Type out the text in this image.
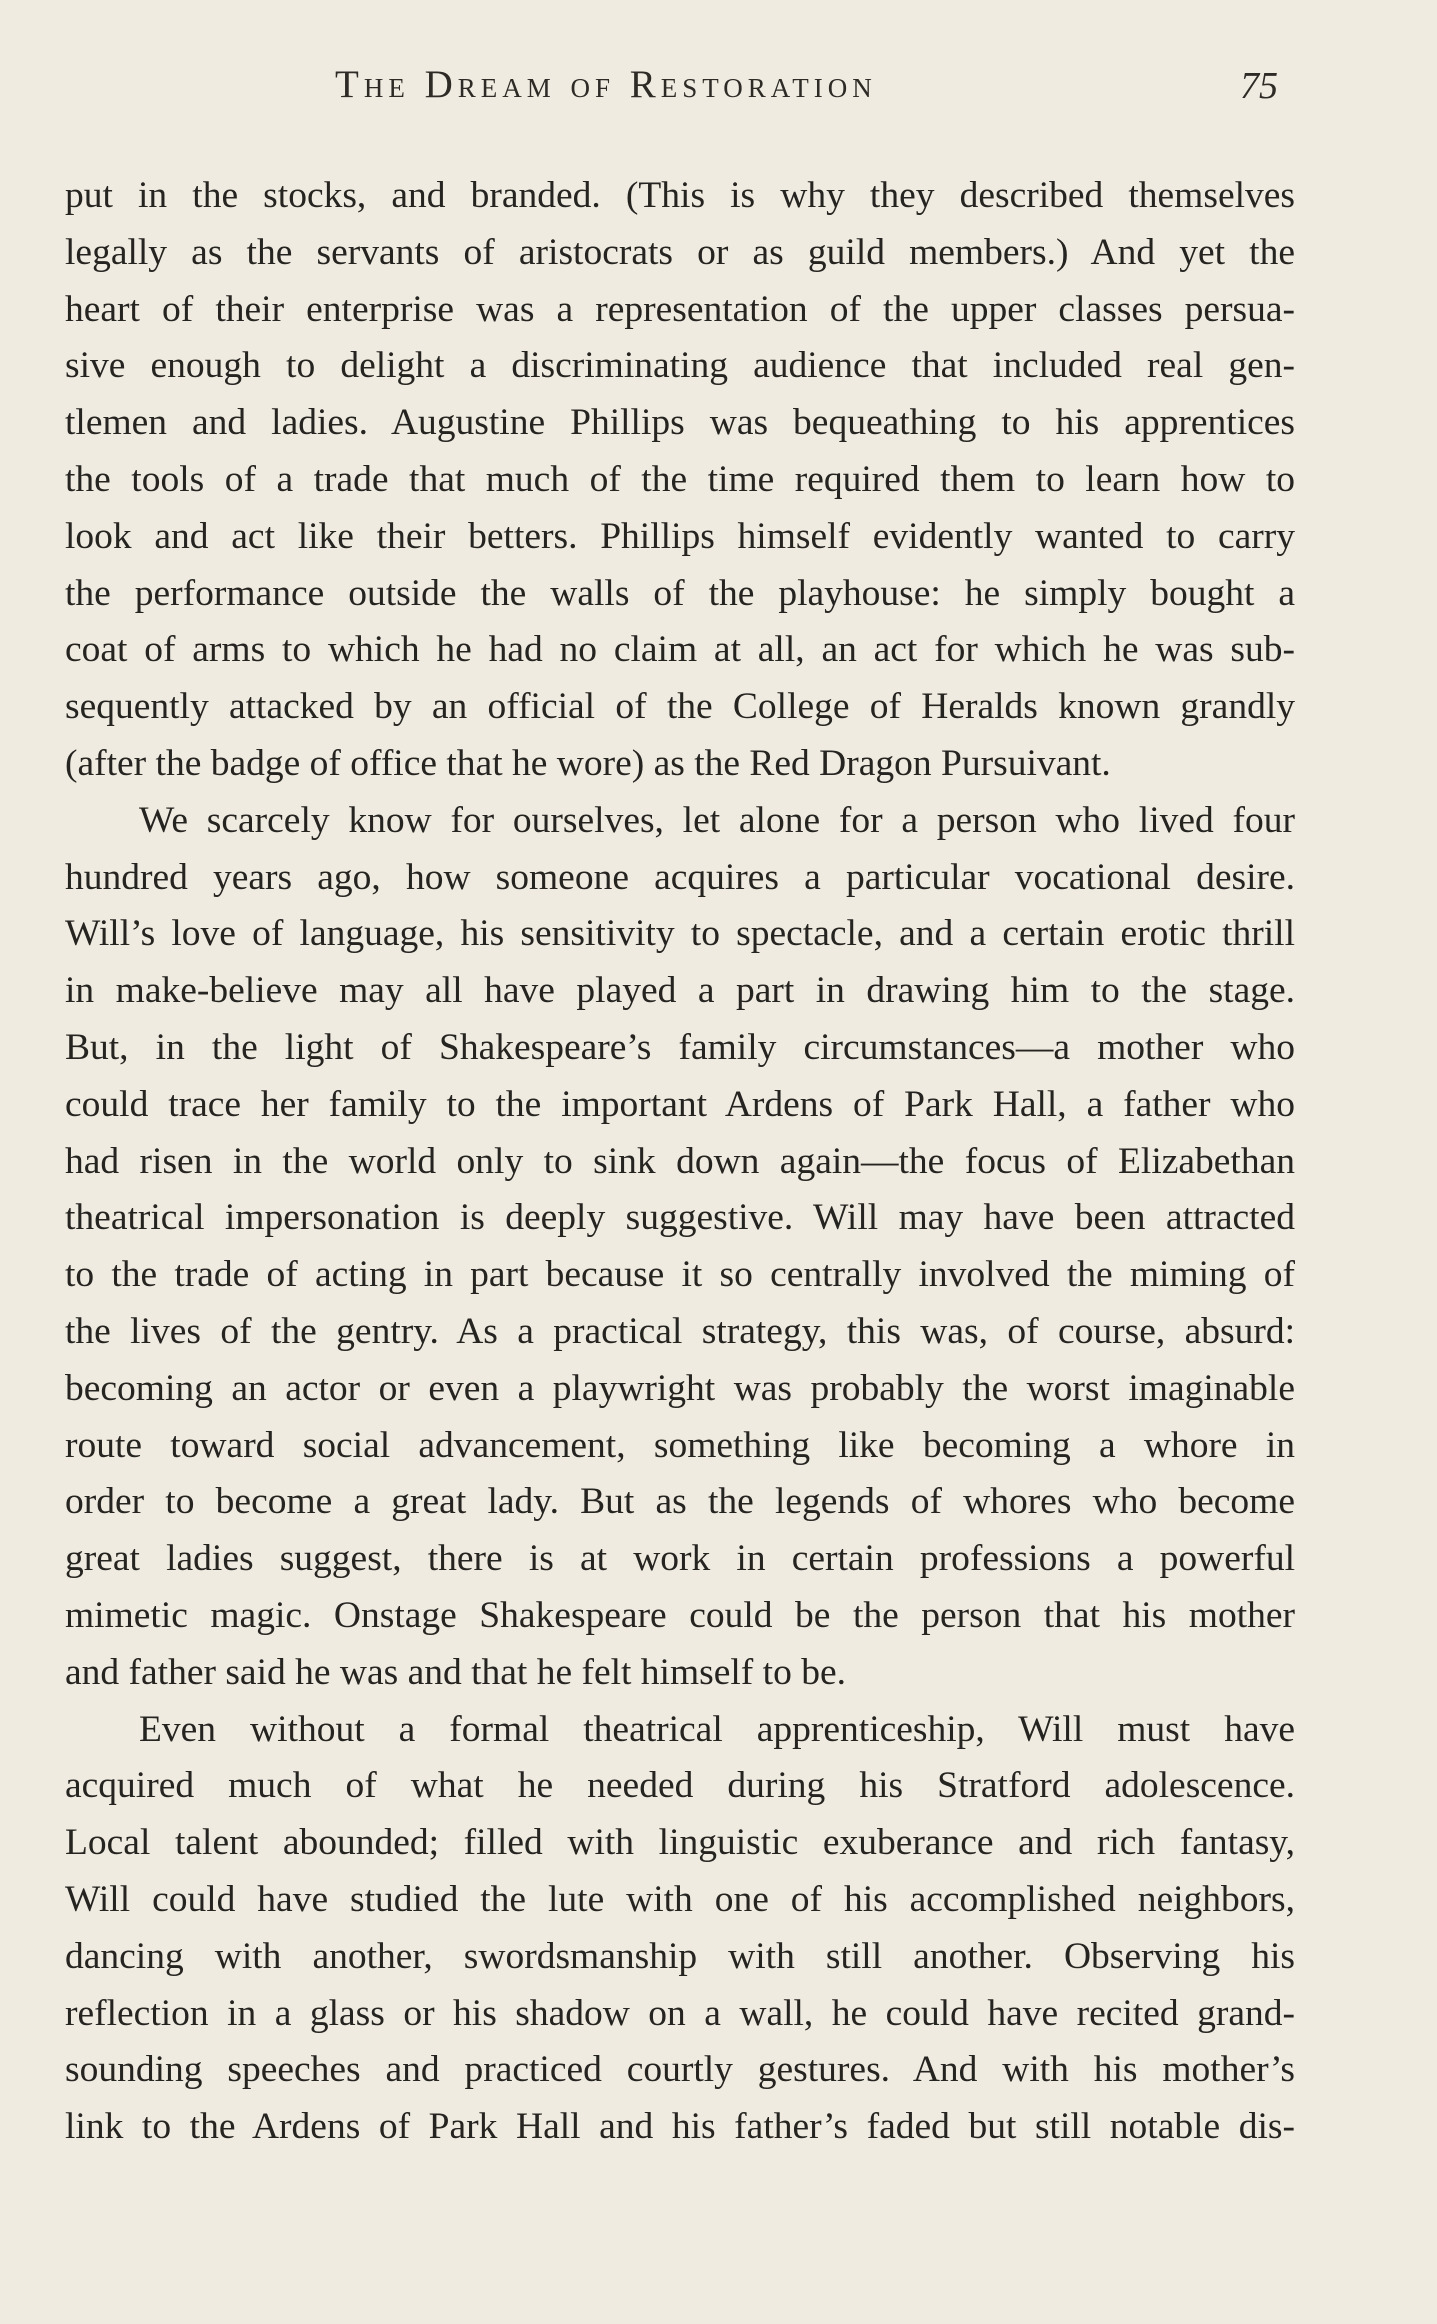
The Dream of Restoration	75
put in the stocks, and branded. (This is why they described themselves
legally as the servants of aristocrats or as guild members.) And yet the
heart of their enterprise was a representation of the upper classes persua-
sive enough to delight a discriminating audience that included real gen-
tlemen and ladies. Augustine Phillips was bequeathing to his apprentices
the tools of a trade that much of the time required them to learn how to
look and act like their betters. Phillips himself evidently wanted to carry
the performance outside the walls of the playhouse: he simply bought a
coat of arms to which he had no claim at all, an act for which he was sub-
sequently attacked by an official of the College of Heralds known grandly
(after the badge of office that he wore) as the Red Dragon Pursuivant.
We scarcely know for ourselves, let alone for a person who lived four
hundred years ago, how someone acquires a particular vocational desire.
Will’s love of language, his sensitivity to spectacle, and a certain erotic thrill
in make-believe may all have played a part in drawing him to the stage.
But, in the light of Shakespeare’s family circumstances—a mother who
could trace her family to the important Ardens of Park Hall, a father who
had risen in the world only to sink down again—the focus of Elizabethan
theatrical impersonation is deeply suggestive. Will may have been attracted
to the trade of acting in part because it so centrally involved the miming of
the lives of the gentry. As a practical strategy, this was, of course, absurd:
becoming an actor or even a playwright was probably the worst imaginable
route toward social advancement, something like becoming a whore in
order to become a great lady. But as the legends of whores who become
great ladies suggest, there is at work in certain professions a powerful
mimetic magic. Onstage Shakespeare could be the person that his mother
and father said he was and that he felt himself to be.
Even without a formal theatrical apprenticeship, Will must have
acquired much of what he needed during his Stratford adolescence.
Local talent abounded; filled with linguistic exuberance and rich fantasy,
Will could have studied the lute with one of his accomplished neighbors,
dancing with another, swordsmanship with still another. Observing his
reflection in a glass or his shadow on a wall, he could have recited grand-
sounding speeches and practiced courtly gestures. And with his mother’s
link to the Ardens of Park Hall and his father’s faded but still notable dis-
